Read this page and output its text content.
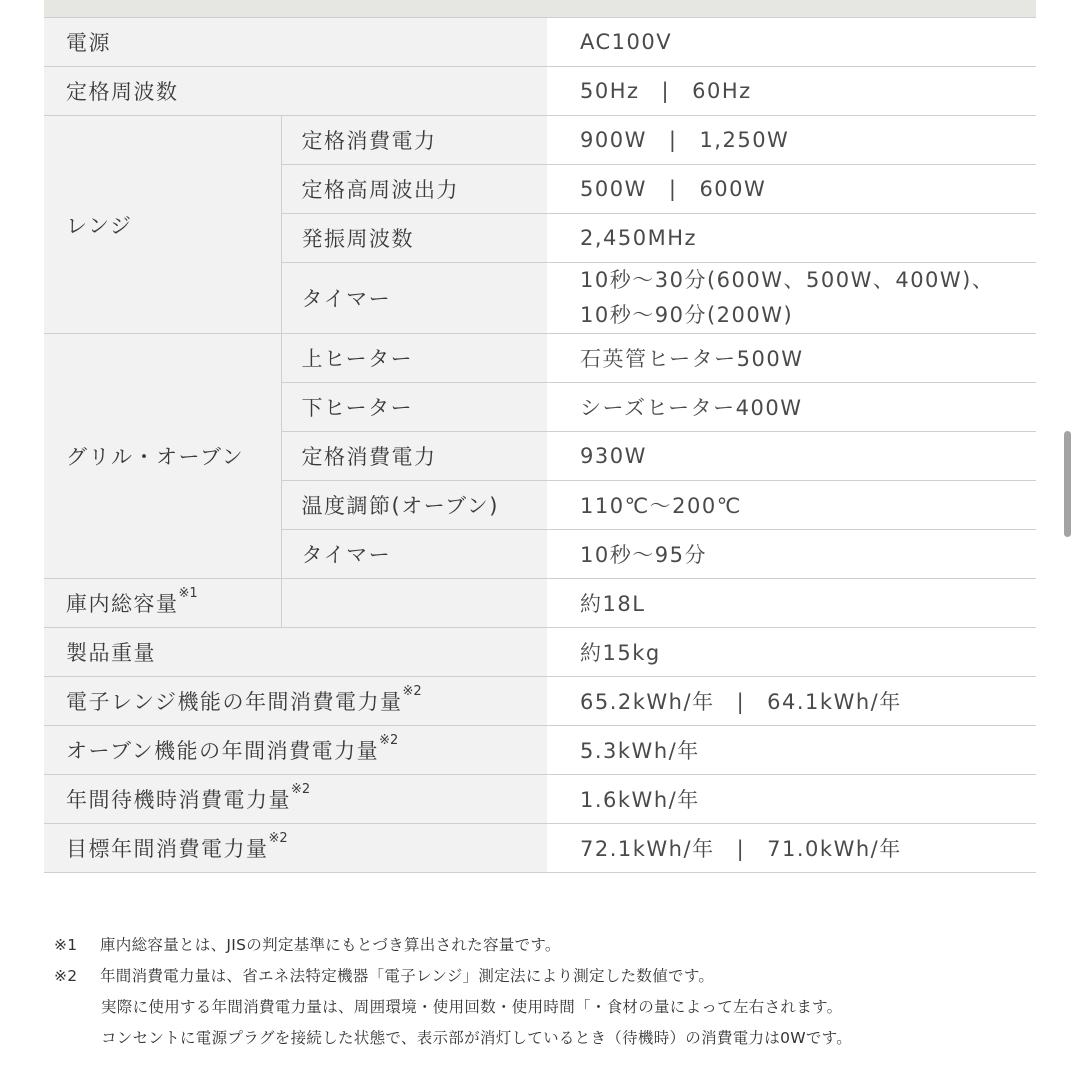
電源		AC100V
定格周波数		50Hz | 60Hz
レンジ	定格消費電力	900W | 1,250W
	定格高周波出力	500W | 600W
	発振周波数	2,450MHz
	タイマー	10秒～30分(600W、500W、400W)、
10秒～90分(200W)

グリル・オーブン	上ヒーター	石英管ヒーター500W
	下ヒーター	シーズヒーター400W
	定格消費電力	930W
	温度調節(オーブン)	110℃～200℃
	タイマー	10秒～95分
庫内総容量$^{※1}$		約18L
製品重量		約15kg
電子レンジ機能の年間消費電力量$^{※2}$		65.2kWh/年 | 64.1kWh/年
オーブン機能の年間消費電力量$^{※2}$		5.3kWh/年
年間待機時消費電力量$^{※2}$		1.6kWh/年
目標年間消費電力量$^{※2}$		72.1kWh/年 | 71.0kWh/年
※1 庫内総容量とは、JISの判定基準にもとづき算出された容量です。
※2 年間消費電力量は、省エネ法特定機器「電子レンジ」測定法により測定した数値です。
実際に使用する年間消費電力量は、周囲環境・使用回数・使用時間「・食材の量によって左右されます。
コンセントに電源プラグを接続した状態で、表示部が消灯しているとき（待機時）の消費電力は0Wです。
